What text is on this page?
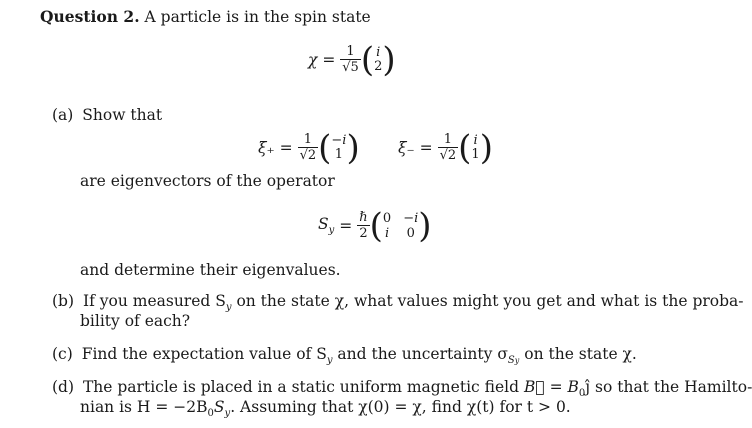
Question 2. A particle is in the spin state
χ =
$\frac{1}{√5}$ ( i
2 )
(a) Show that
ξ₊ =
$\frac{1}{√2}$ ( −i
1 ) ξ₋ =
$\frac{1}{√2}$ ( i
1 )
are eigenvectors of the operator
$S_y = \frac{\text{ℏ}}{2}$ ( 0 −i
i 0 )
and determine their eigenvalues.
(b) If you measured $S_y$ on the state χ, what values might you get and what is the proba-
bility of each?
(c) Find the expectation value of $S_y$ and the uncertainty $\sigma_{Sy}$ on the state χ.
(d) The particle is placed in a static uniform magnetic field B⃗ = $B_0ĵ$ so that the Hamilto-
nian is $H = -2B_0S_y$. Assuming that χ(0) = χ, find χ(t) for t > 0.
